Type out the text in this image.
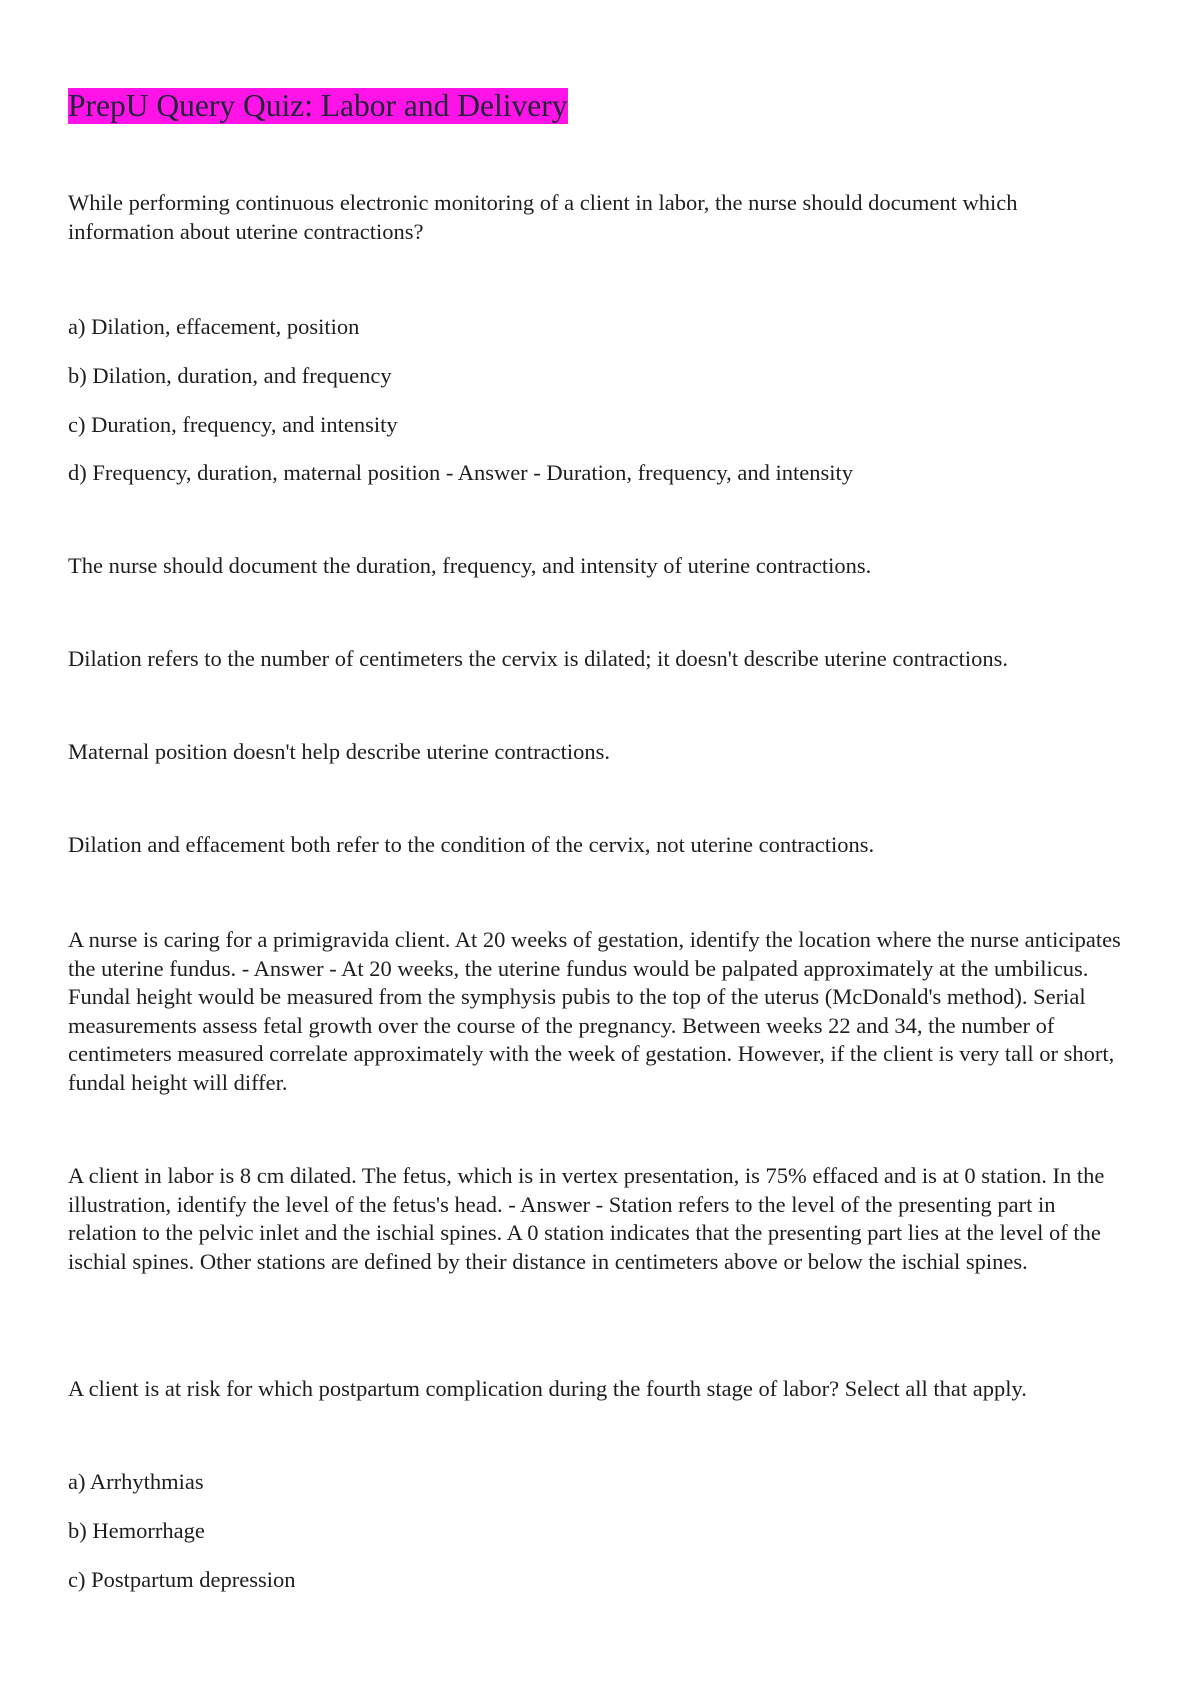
PrepU Query Quiz: Labor and Delivery

While performing continuous electronic monitoring of a client in labor, the nurse should document which information about uterine contractions?

a) Dilation, effacement, position

b) Dilation, duration, and frequency

c) Duration, frequency, and intensity

d) Frequency, duration, maternal position - Answer - Duration, frequency, and intensity

The nurse should document the duration, frequency, and intensity of uterine contractions.

Dilation refers to the number of centimeters the cervix is dilated; it doesn't describe uterine contractions.

Maternal position doesn't help describe uterine contractions.

Dilation and effacement both refer to the condition of the cervix, not uterine contractions.

A nurse is caring for a primigravida client. At 20 weeks of gestation, identify the location where the nurse anticipates the uterine fundus. - Answer - At 20 weeks, the uterine fundus would be palpated approximately at the umbilicus. Fundal height would be measured from the symphysis pubis to the top of the uterus (McDonald's method). Serial measurements assess fetal growth over the course of the pregnancy. Between weeks 22 and 34, the number of centimeters measured correlate approximately with the week of gestation. However, if the client is very tall or short, fundal height will differ.

A client in labor is 8 cm dilated. The fetus, which is in vertex presentation, is 75% effaced and is at 0 station. In the illustration, identify the level of the fetus's head. - Answer - Station refers to the level of the presenting part in relation to the pelvic inlet and the ischial spines. A 0 station indicates that the presenting part lies at the level of the ischial spines. Other stations are defined by their distance in centimeters above or below the ischial spines.

A client is at risk for which postpartum complication during the fourth stage of labor? Select all that apply.

a) Arrhythmias

b) Hemorrhage

c) Postpartum depression
